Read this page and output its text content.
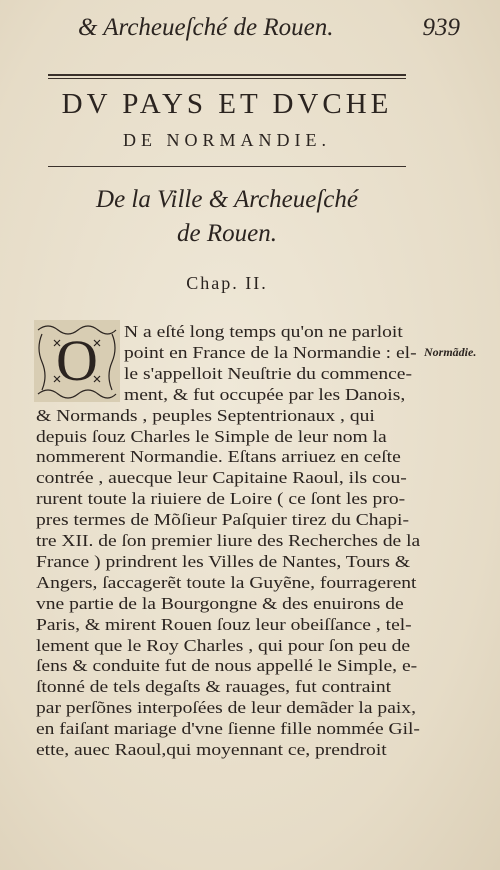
& Archeueſché de Rouen.	939
DV PAYS ET DVCHE
DE NORMANDIE.
De la Ville & Archeueſché
de Rouen.
Chap. II.
Normãdie.
O N a eſté long temps qu'on ne parloit
point en France de la Normandie : el-
le s'appelloit Neuſtrie du commence-
ment, & fut occupée par les Danois,
& Normands , peuples Septentrionaux , qui
depuis ſouz Charles le Simple de leur nom la
nommerent Normandie. Eſtans arriuez en ceſte
contrée , auecque leur Capitaine Raoul, ils cou-
rurent toute la riuiere de Loire ( ce ſont les pro-
pres termes de Mõſieur Paſquier tirez du Chapi-
tre XII. de ſon premier liure des Recherches de la
France ) prindrent les Villes de Nantes, Tours &
Angers, ſaccagerẽt toute la Guyẽne, fourragerent
vne partie de la Bourgongne & des enuirons de
Paris, & mirent Rouen ſouz leur obeiſſance , tel-
lement que le Roy Charles , qui pour ſon peu de
ſens & conduite fut de nous appellé le Simple, e-
ſtonné de tels degaſts & rauages, fut contraint
par perſõnes interpoſées de leur demãder la paix,
en faiſant mariage d'vne ſienne fille nommée Gil-
ette, auec Raoul,qui moyennant ce, prendroit
